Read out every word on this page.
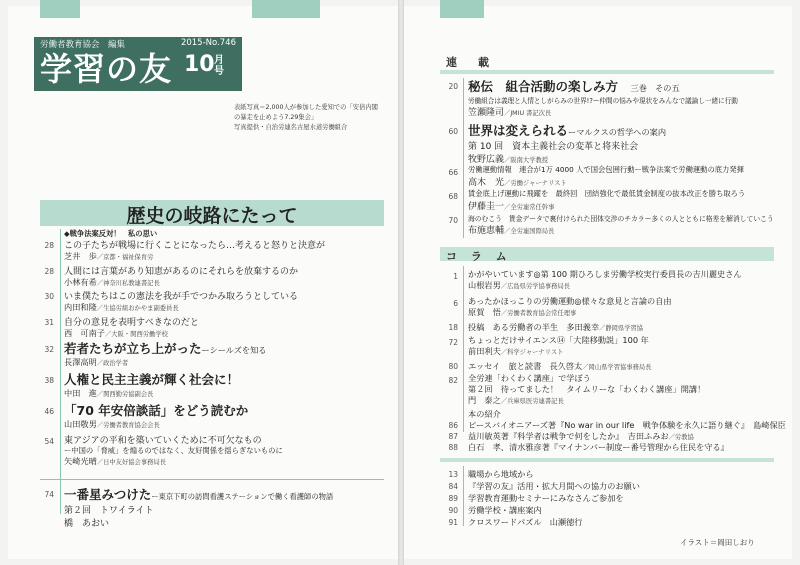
労働者教育協会　編集	2015-No.746
学習の友 10 月号
表紙写真＝2,000人が参加した愛知での「安倍内閣
の暴走を止めよう7.29集会」
写真提供・自治労連名古屋水道労働組合
歴史の岐路にたって
◆戦争法案反対！　私の思い
28 この子たちが戦場に行くことになったら…考えると怒りと決意が
芝井　歩／京都・福祉保育労
28 人間には言葉があり知恵があるのにそれらを放棄するのか
小林有希／神奈川私教連書記長
30 いま僕たちはこの憲法を我が手でつかみ取ろうとしている
内田和隆／生協労組おかやま副委員長
31 自分の意見を表明すべきなのだと
西　可南子／大阪・関西労働学校
32 若者たちが立ち上がったーシールズを知る
長澤高明／政治学者
38 人権と民主主義が輝く社会に！
中田　進／関西勤労協副会長
46 「70 年安倍談話」をどう読むか
山田敬男／労働者教育協会会長
54 東アジアの平和を築いていくために不可欠なもの
ー中国の「脅威」を煽るのではなく、友好関係を揺らぎないものに
矢崎光晴／日中友好協会事務局長
74 一番星みつけたー東京下町の訪問看護ステーションで働く看護師の物語
第２回　トワイライト
橋　あおい
連　載
20 秘伝　組合活動の楽しみ方　 三巻　その五
労働組合は義理と人情としがらみの世界!?ー仲間の悩みや現状をみんなで議論し一緒に行動
笠瀬隆司／JMIU 書記次長
60 世界は変えられるーマルクスの哲学への案内
第 10 回　資本主義社会の変革と将来社会
牧野広義／阪南大学教授
66 労働運動情報　連合が1万 4000 人で国会包囲行動ー戦争法案で労働運動の底力発揮
高木　光／労働ジャーナリスト
68 賃金底上げ運動に飛躍を　最終回　団結強化で最低賃金制度の抜本改正を勝ち取ろう
伊藤圭一／全労連常任幹事
70 海のむこう　賃金データで裏付けられた団体交渉のチカラー多くの人とともに格差を解消していこう
布施恵輔／全労連国際局長
コ ラ ム
1 かがやいています◎第 100 期ひろしま労働学校実行委員長の吉川麗史さん
山根岩男／広島県労学協事務局長
6 あったかほっこりの労働運動◎様々な意見と言論の自由
原賀　悟／労働者教育協会常任理事
18 投稿　ある労働者の半生　多田義幸／静岡県学習協
72 ちょっとだけサイエンス⑭「大陸移動説」100 年
前田利夫／科学ジャーナリスト
80 エッセイ　旅と読書　長久啓太／岡山県学習協事務局長
82 全労連「わくわく講座」で学ぼう
第２回　待ってました！　タイムリーな「わくわく講座」開講！
門　泰之／兵庫県医労連書記長
本の紹介
86 ピースバイオニアーズ著『No war in our life　戦争体験を永久に語り継ぐ』　島崎保臣
87 益川敏英著『科学者は戦争で何をしたか』　吉田ふみお／労教協
88 白石　孝、清水雅彦著『マイナンバー制度ー番号管理から住民を守る』
13 職場から地域から
84 『学習の友』活用・拡大月間への協力のお願い
89 学習教育運動セミナーにみなさんご参加を
90 労働学校・講座案内
91 クロスワードパズル　山瀬徳行
イラスト＝岡田しおり
